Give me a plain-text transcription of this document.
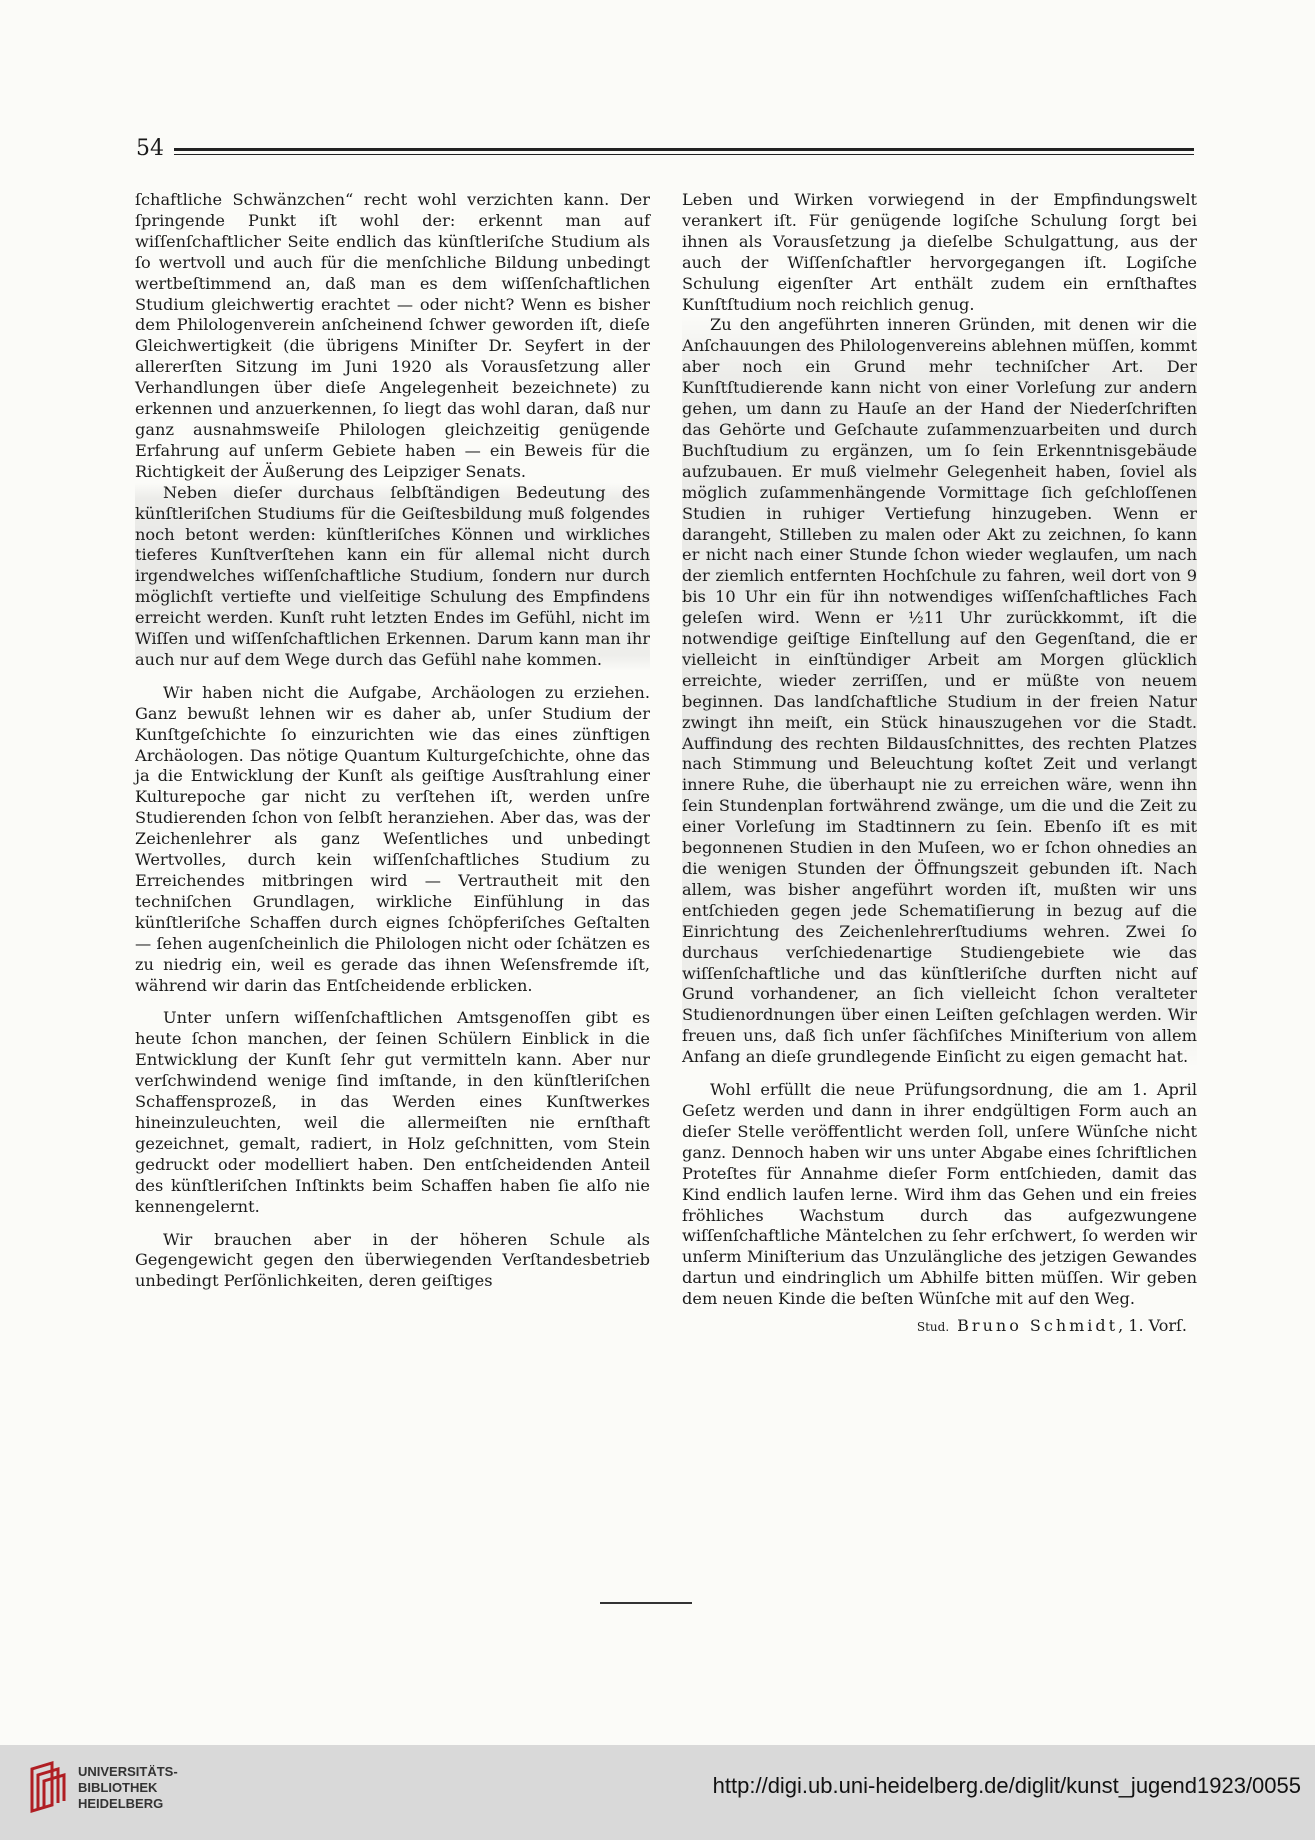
54

ſchaftliche Schwänzchen“ recht wohl verzichten kann. Der ſpringende Punkt iſt wohl der: erkennt man auf wiſſenſchaftlicher Seite endlich das künſtleriſche Studium als ſo wertvoll und auch für die menſchliche Bildung unbedingt wertbeſtimmend an, daß man es dem wiſſenſchaftlichen Studium gleichwertig erachtet — oder nicht? Wenn es bisher dem Philologenverein anſcheinend ſchwer geworden iſt, dieſe Gleichwertigkeit (die übrigens Miniſter Dr. Seyfert in der allererſten Sitzung im Juni 1920 als Vorausſetzung aller Verhandlungen über dieſe Angelegenheit bezeichnete) zu erkennen und anzuerkennen, ſo liegt das wohl daran, daß nur ganz ausnahmsweiſe Philologen gleichzeitig genügende Erfahrung auf unſerm Gebiete haben — ein Beweis für die Richtigkeit der Äußerung des Leipziger Senats.

Neben dieſer durchaus ſelbſtändigen Bedeutung des künſtleriſchen Studiums für die Geiſtesbildung muß folgendes noch betont werden: künſtleriſches Können und wirkliches tieferes Kunſtverſtehen kann ein für allemal nicht durch irgendwelches wiſſenſchaftliche Studium, ſondern nur durch möglichſt vertiefte und vielſeitige Schulung des Empfindens erreicht werden. Kunſt ruht letzten Endes im Gefühl, nicht im Wiſſen und wiſſenſchaftlichen Erkennen. Darum kann man ihr auch nur auf dem Wege durch das Gefühl nahe kommen.

Wir haben nicht die Aufgabe, Archäologen zu erziehen. Ganz bewußt lehnen wir es daher ab, unſer Studium der Kunſtgeſchichte ſo einzurichten wie das eines zünftigen Archäologen. Das nötige Quantum Kulturgeſchichte, ohne das ja die Entwicklung der Kunſt als geiſtige Ausſtrahlung einer Kulturepoche gar nicht zu verſtehen iſt, werden unſre Studierenden ſchon von ſelbſt heranziehen. Aber das, was der Zeichenlehrer als ganz Weſentliches und unbedingt Wertvolles, durch kein wiſſenſchaftliches Studium zu Erreichendes mitbringen wird — Vertrautheit mit den techniſchen Grundlagen, wirkliche Einfühlung in das künſtleriſche Schaffen durch eignes ſchöpferiſches Geſtalten — ſehen augenſcheinlich die Philologen nicht oder ſchätzen es zu niedrig ein, weil es gerade das ihnen Weſensfremde iſt, während wir darin das Entſcheidende erblicken.

Unter unſern wiſſenſchaftlichen Amtsgenoſſen gibt es heute ſchon manchen, der ſeinen Schülern Einblick in die Entwicklung der Kunſt ſehr gut vermitteln kann. Aber nur verſchwindend wenige ſind imſtande, in den künſtleriſchen Schaffensprozeß, in das Werden eines Kunſtwerkes hineinzuleuchten, weil die allermeiſten nie ernſthaft gezeichnet, gemalt, radiert, in Holz geſchnitten, vom Stein gedruckt oder modelliert haben. Den entſcheidenden Anteil des künſtleriſchen Inſtinkts beim Schaffen haben ſie alſo nie kennengelernt.

Wir brauchen aber in der höheren Schule als Gegengewicht gegen den überwiegenden Verſtandesbetrieb unbedingt Perſönlichkeiten, deren geiſtiges

Leben und Wirken vorwiegend in der Empfindungswelt verankert iſt. Für genügende logiſche Schulung ſorgt bei ihnen als Vorausſetzung ja dieſelbe Schulgattung, aus der auch der Wiſſenſchaftler hervorgegangen iſt. Logiſche Schulung eigenſter Art enthält zudem ein ernſthaftes Kunſtſtudium noch reichlich genug.

Zu den angeführten inneren Gründen, mit denen wir die Anſchauungen des Philologenvereins ablehnen müſſen, kommt aber noch ein Grund mehr techniſcher Art. Der Kunſtſtudierende kann nicht von einer Vorleſung zur andern gehen, um dann zu Hauſe an der Hand der Niederſchriften das Gehörte und Geſchaute zuſammenzuarbeiten und durch Buchſtudium zu ergänzen, um ſo ſein Erkenntnisgebäude aufzubauen. Er muß vielmehr Gelegenheit haben, ſoviel als möglich zuſammenhängende Vormittage ſich geſchloſſenen Studien in ruhiger Vertiefung hinzugeben. Wenn er darangeht, Stilleben zu malen oder Akt zu zeichnen, ſo kann er nicht nach einer Stunde ſchon wieder weglaufen, um nach der ziemlich entfernten Hochſchule zu fahren, weil dort von 9 bis 10 Uhr ein für ihn notwendiges wiſſenſchaftliches Fach geleſen wird. Wenn er ½11 Uhr zurückkommt, iſt die notwendige geiſtige Einſtellung auf den Gegenſtand, die er vielleicht in einſtündiger Arbeit am Morgen glücklich erreichte, wieder zerriſſen, und er müßte von neuem beginnen. Das landſchaftliche Studium in der freien Natur zwingt ihn meiſt, ein Stück hinauszugehen vor die Stadt. Auffindung des rechten Bildausſchnittes, des rechten Platzes nach Stimmung und Beleuchtung koſtet Zeit und verlangt innere Ruhe, die überhaupt nie zu erreichen wäre, wenn ihn ſein Stundenplan fortwährend zwänge, um die und die Zeit zu einer Vorleſung im Stadtinnern zu ſein. Ebenſo iſt es mit begonnenen Studien in den Muſeen, wo er ſchon ohnedies an die wenigen Stunden der Öffnungszeit gebunden iſt. Nach allem, was bisher angeführt worden iſt, mußten wir uns entſchieden gegen jede Schematiſierung in bezug auf die Einrichtung des Zeichenlehrerſtudiums wehren. Zwei ſo durchaus verſchiedenartige Studiengebiete wie das wiſſenſchaftliche und das künſtleriſche durften nicht auf Grund vorhandener, an ſich vielleicht ſchon veralteter Studienordnungen über einen Leiſten geſchlagen werden. Wir freuen uns, daß ſich unſer ſächſiſches Miniſterium von allem Anfang an dieſe grundlegende Einſicht zu eigen gemacht hat.

Wohl erfüllt die neue Prüfungsordnung, die am 1. April Geſetz werden und dann in ihrer endgültigen Form auch an dieſer Stelle veröffentlicht werden ſoll, unſere Wünſche nicht ganz. Dennoch haben wir uns unter Abgabe eines ſchriftlichen Proteſtes für Annahme dieſer Form entſchieden, damit das Kind endlich laufen lerne. Wird ihm das Gehen und ein freies fröhliches Wachstum durch das aufgezwungene wiſſenſchaftliche Mäntelchen zu ſehr erſchwert, ſo werden wir unſerm Miniſterium das Unzulängliche des jetzigen Gewandes dartun und eindringlich um Abhilfe bitten müſſen. Wir geben dem neuen Kinde die beſten Wünſche mit auf den Weg.

Stud. Bruno Schmidt, 1. Vorſ.
UNIVERSITÄTS-
BIBLIOTHEK
HEIDELBERG
http://digi.ub.uni-heidelberg.de/diglit/kunst_jugend1923/0055
